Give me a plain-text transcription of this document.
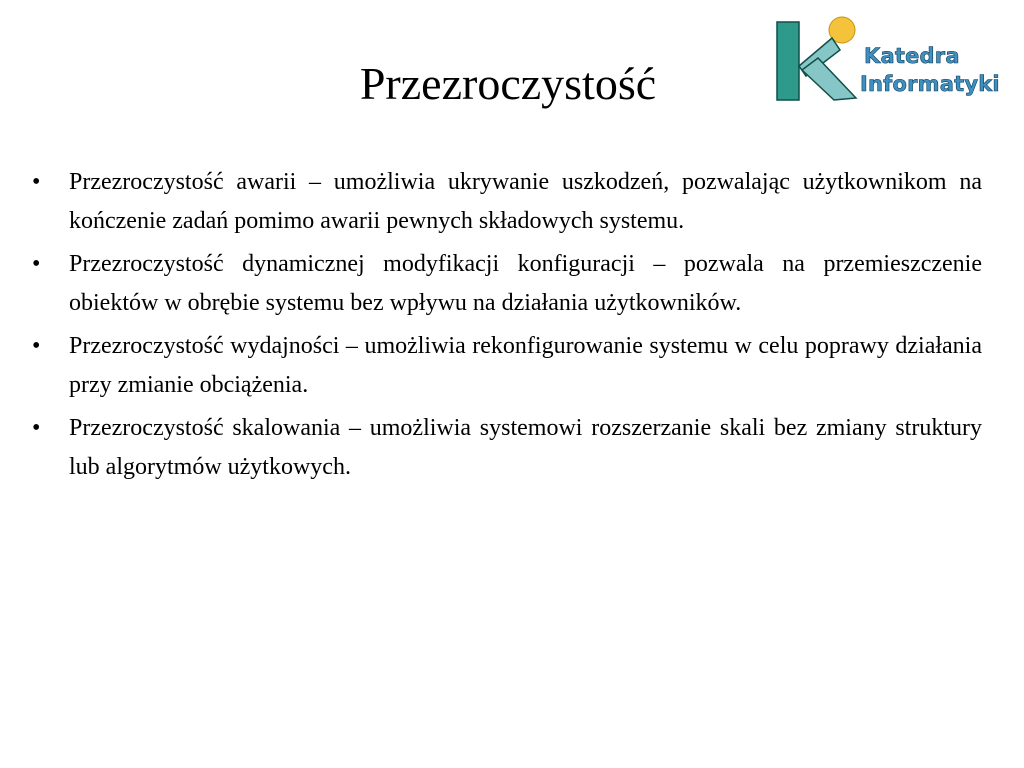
Przezroczystość
Katedra
Informatyki
•	Przezroczystość awarii – umożliwia ukrywanie uszkodzeń, pozwalając użytkownikom na kończenie zadań pomimo awarii pewnych składowych systemu.
•	Przezroczystość dynamicznej modyfikacji konfiguracji – pozwala na przemieszczenie obiektów w obrębie systemu bez wpływu na działania użytkowników.
•	Przezroczystość wydajności – umożliwia rekonfigurowanie systemu w celu poprawy działania przy zmianie obciążenia.
•	Przezroczystość skalowania – umożliwia systemowi rozszerzanie skali bez zmiany struktury lub algorytmów użytkowych.
